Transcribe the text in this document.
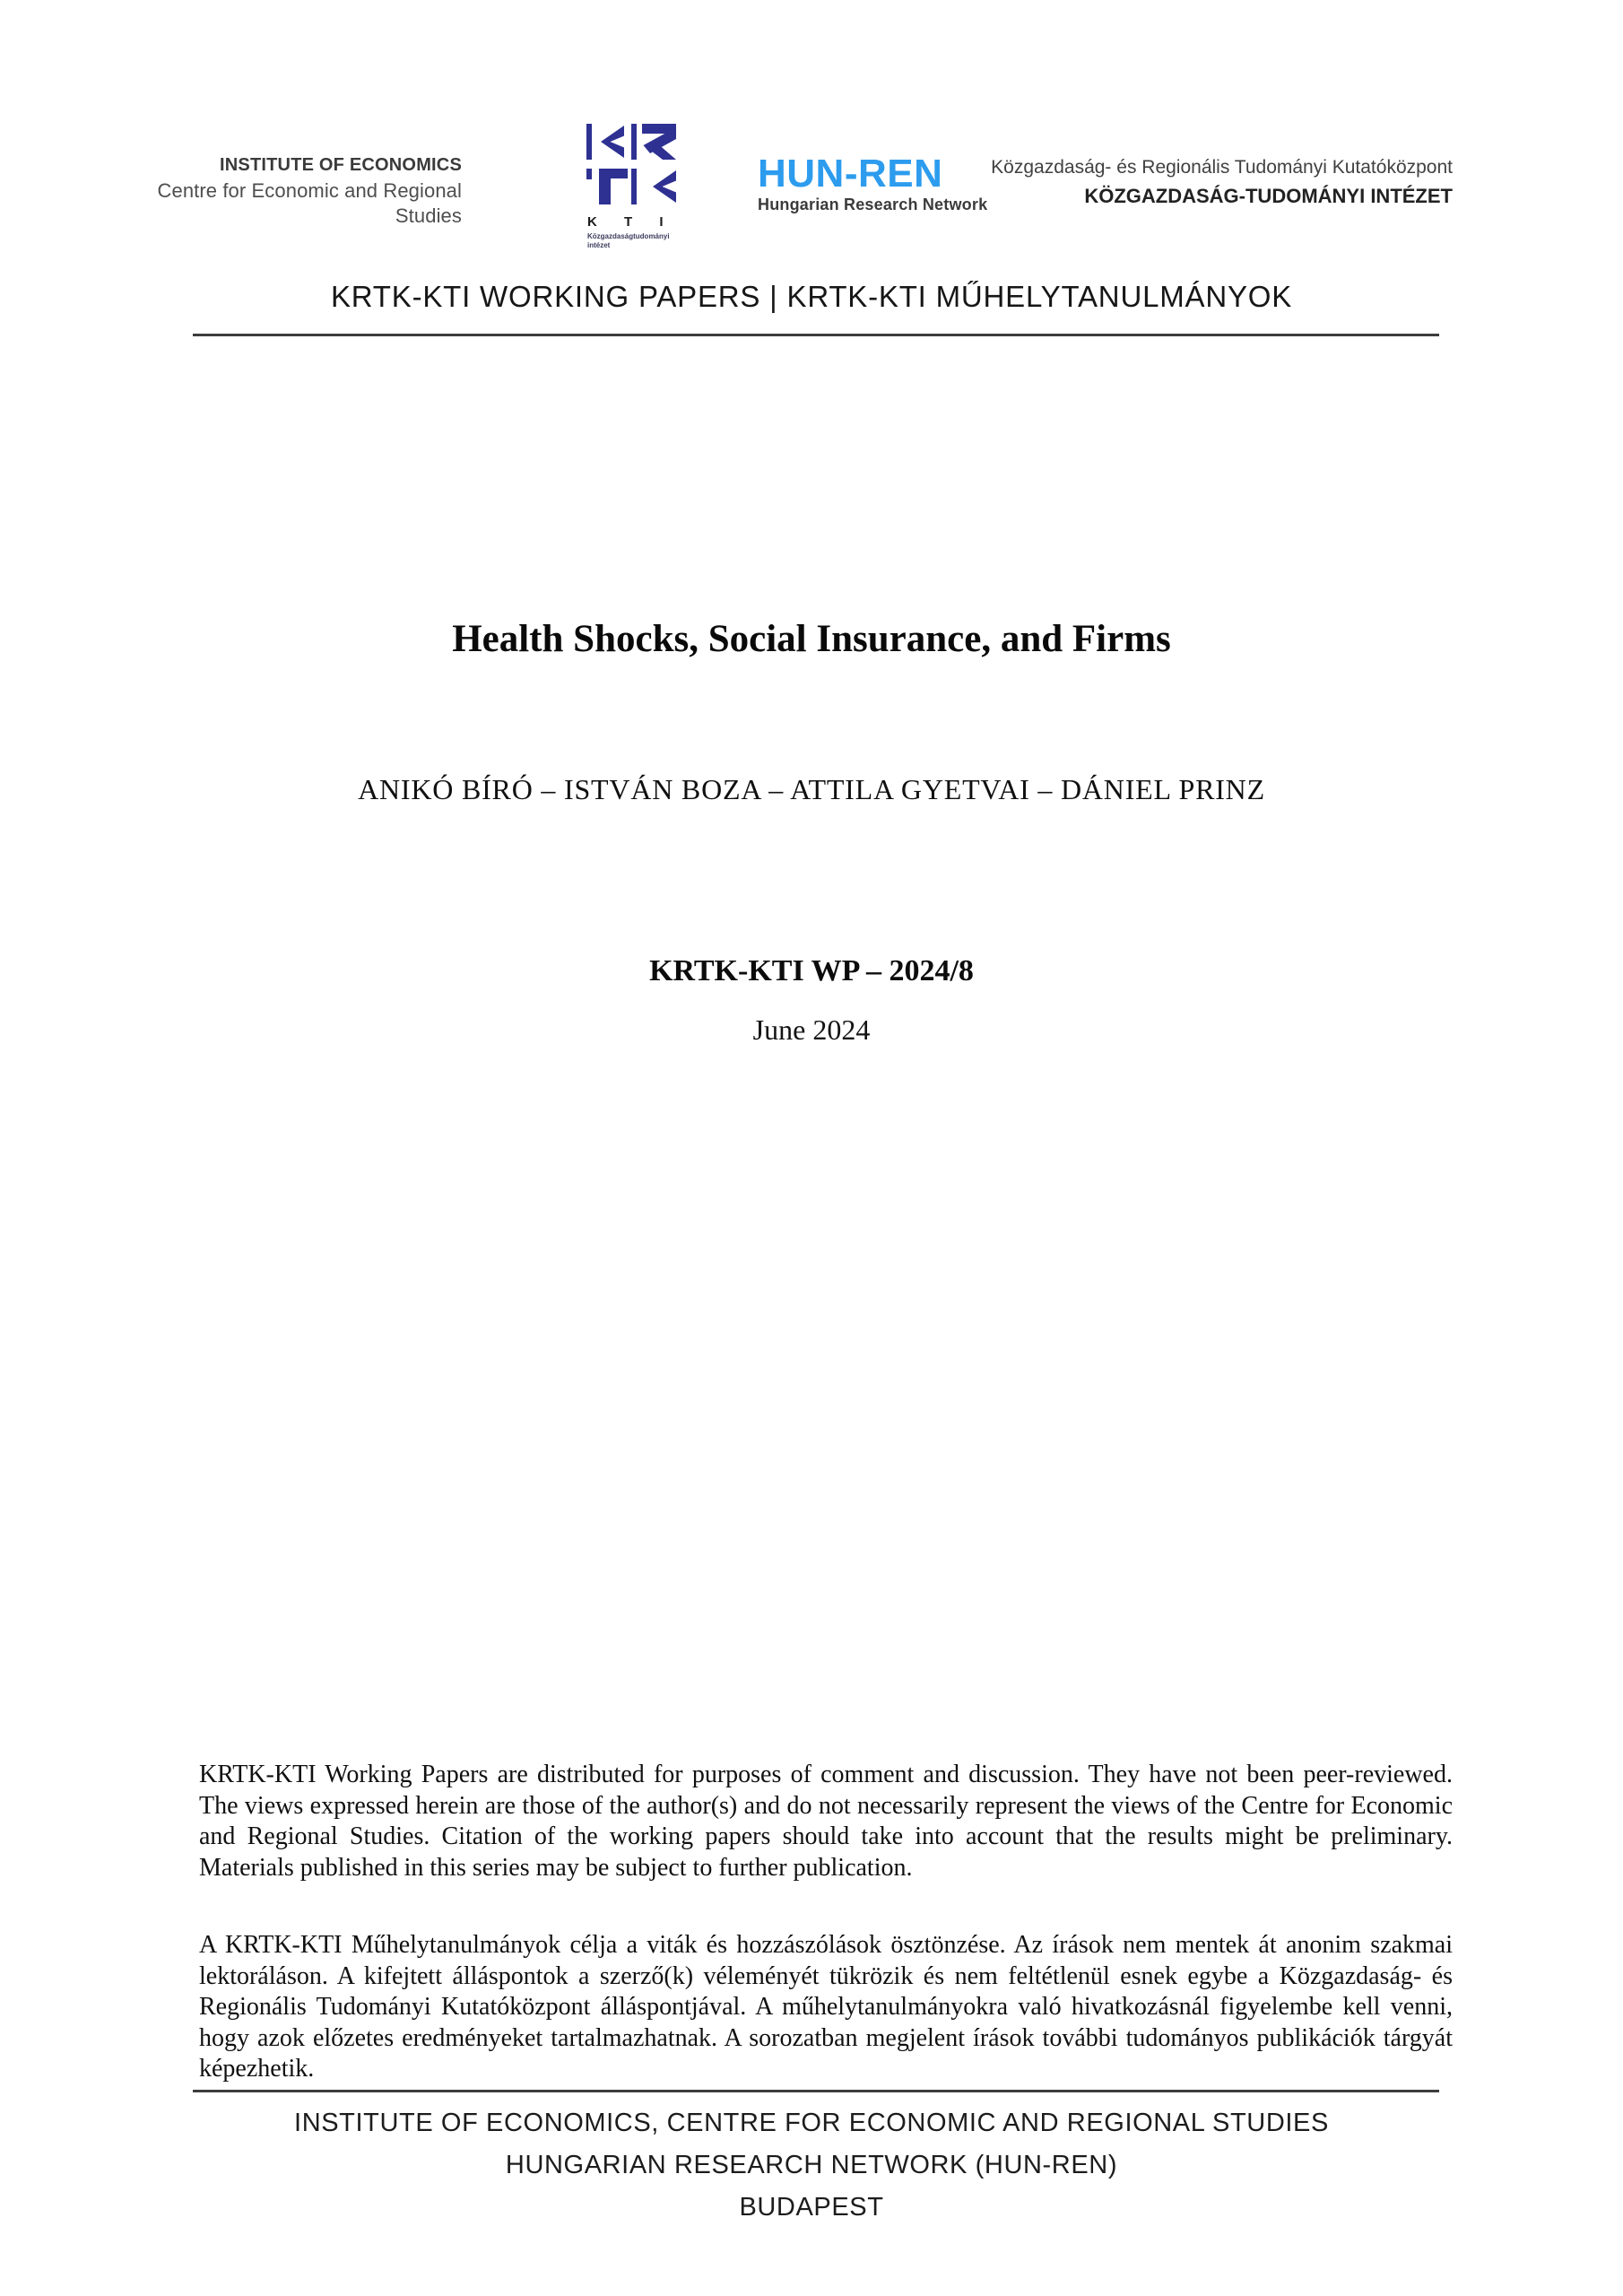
INSTITUTE OF ECONOMICS
Centre for Economic and Regional Studies	K T I
Közgazdaságtudományi
intézet
HUN-REN
Hungarian Research Network
Közgazdaság- és Regionális Tudományi Kutatóközpont
KÖZGAZDASÁG-TUDOMÁNYI INTÉZET
KRTK-KTI WORKING PAPERS | KRTK-KTI MŰHELYTANULMÁNYOK
Health Shocks, Social Insurance, and Firms
ANIKÓ BÍRÓ – ISTVÁN BOZA – ATTILA GYETVAI – DÁNIEL PRINZ
KRTK-KTI WP – 2024/8
June 2024
KRTK-KTI Working Papers are distributed for purposes of comment and discussion. They have not been peer-reviewed. The views expressed herein are those of the author(s) and do not necessarily represent the views of the Centre for Economic and Regional Studies. Citation of the working papers should take into account that the results might be preliminary. Materials published in this series may be subject to further publication.
A KRTK-KTI Műhelytanulmányok célja a viták és hozzászólások ösztönzése. Az írások nem mentek át anonim szakmai lektoráláson. A kifejtett álláspontok a szerző(k) véleményét tükrözik és nem feltétlenül esnek egybe a Közgazdaság- és Regionális Tudományi Kutatóközpont álláspontjával. A műhelytanulmányokra való hivatkozásnál figyelembe kell venni, hogy azok előzetes eredményeket tartalmazhatnak. A sorozatban megjelent írások további tudományos publikációk tárgyát képezhetik.
INSTITUTE OF ECONOMICS, CENTRE FOR ECONOMIC AND REGIONAL STUDIES
HUNGARIAN RESEARCH NETWORK (HUN-REN)
BUDAPEST
